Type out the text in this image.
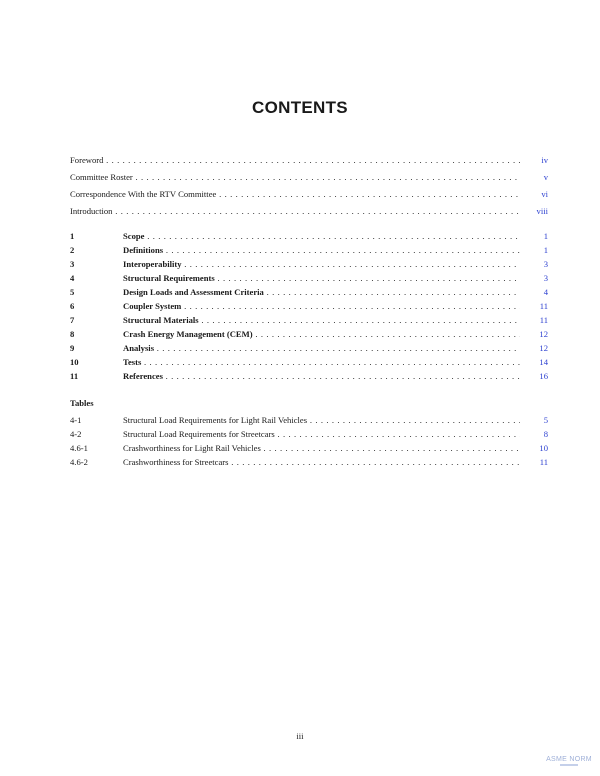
CONTENTS
Foreword . . .	iv
Committee Roster . . .	v
Correspondence With the RTV Committee . . .	vi
Introduction . . .	viii
1	Scope . . .	1
2	Definitions . . .	1
3	Interoperability . . .	3
4	Structural Requirements . . .	3
5	Design Loads and Assessment Criteria . . .	4
6	Coupler System . . .	11
7	Structural Materials . . .	11
8	Crash Energy Management (CEM) . . .	12
9	Analysis . . .	12
10	Tests . . .	14
11	References . . .	16
Tables
4-1	Structural Load Requirements for Light Rail Vehicles . . .	5
4-2	Structural Load Requirements for Streetcars . . .	8
4.6-1	Crashworthiness for Light Rail Vehicles . . .	10
4.6-2	Crashworthiness for Streetcars . . .	11
iii
ASME NORM
